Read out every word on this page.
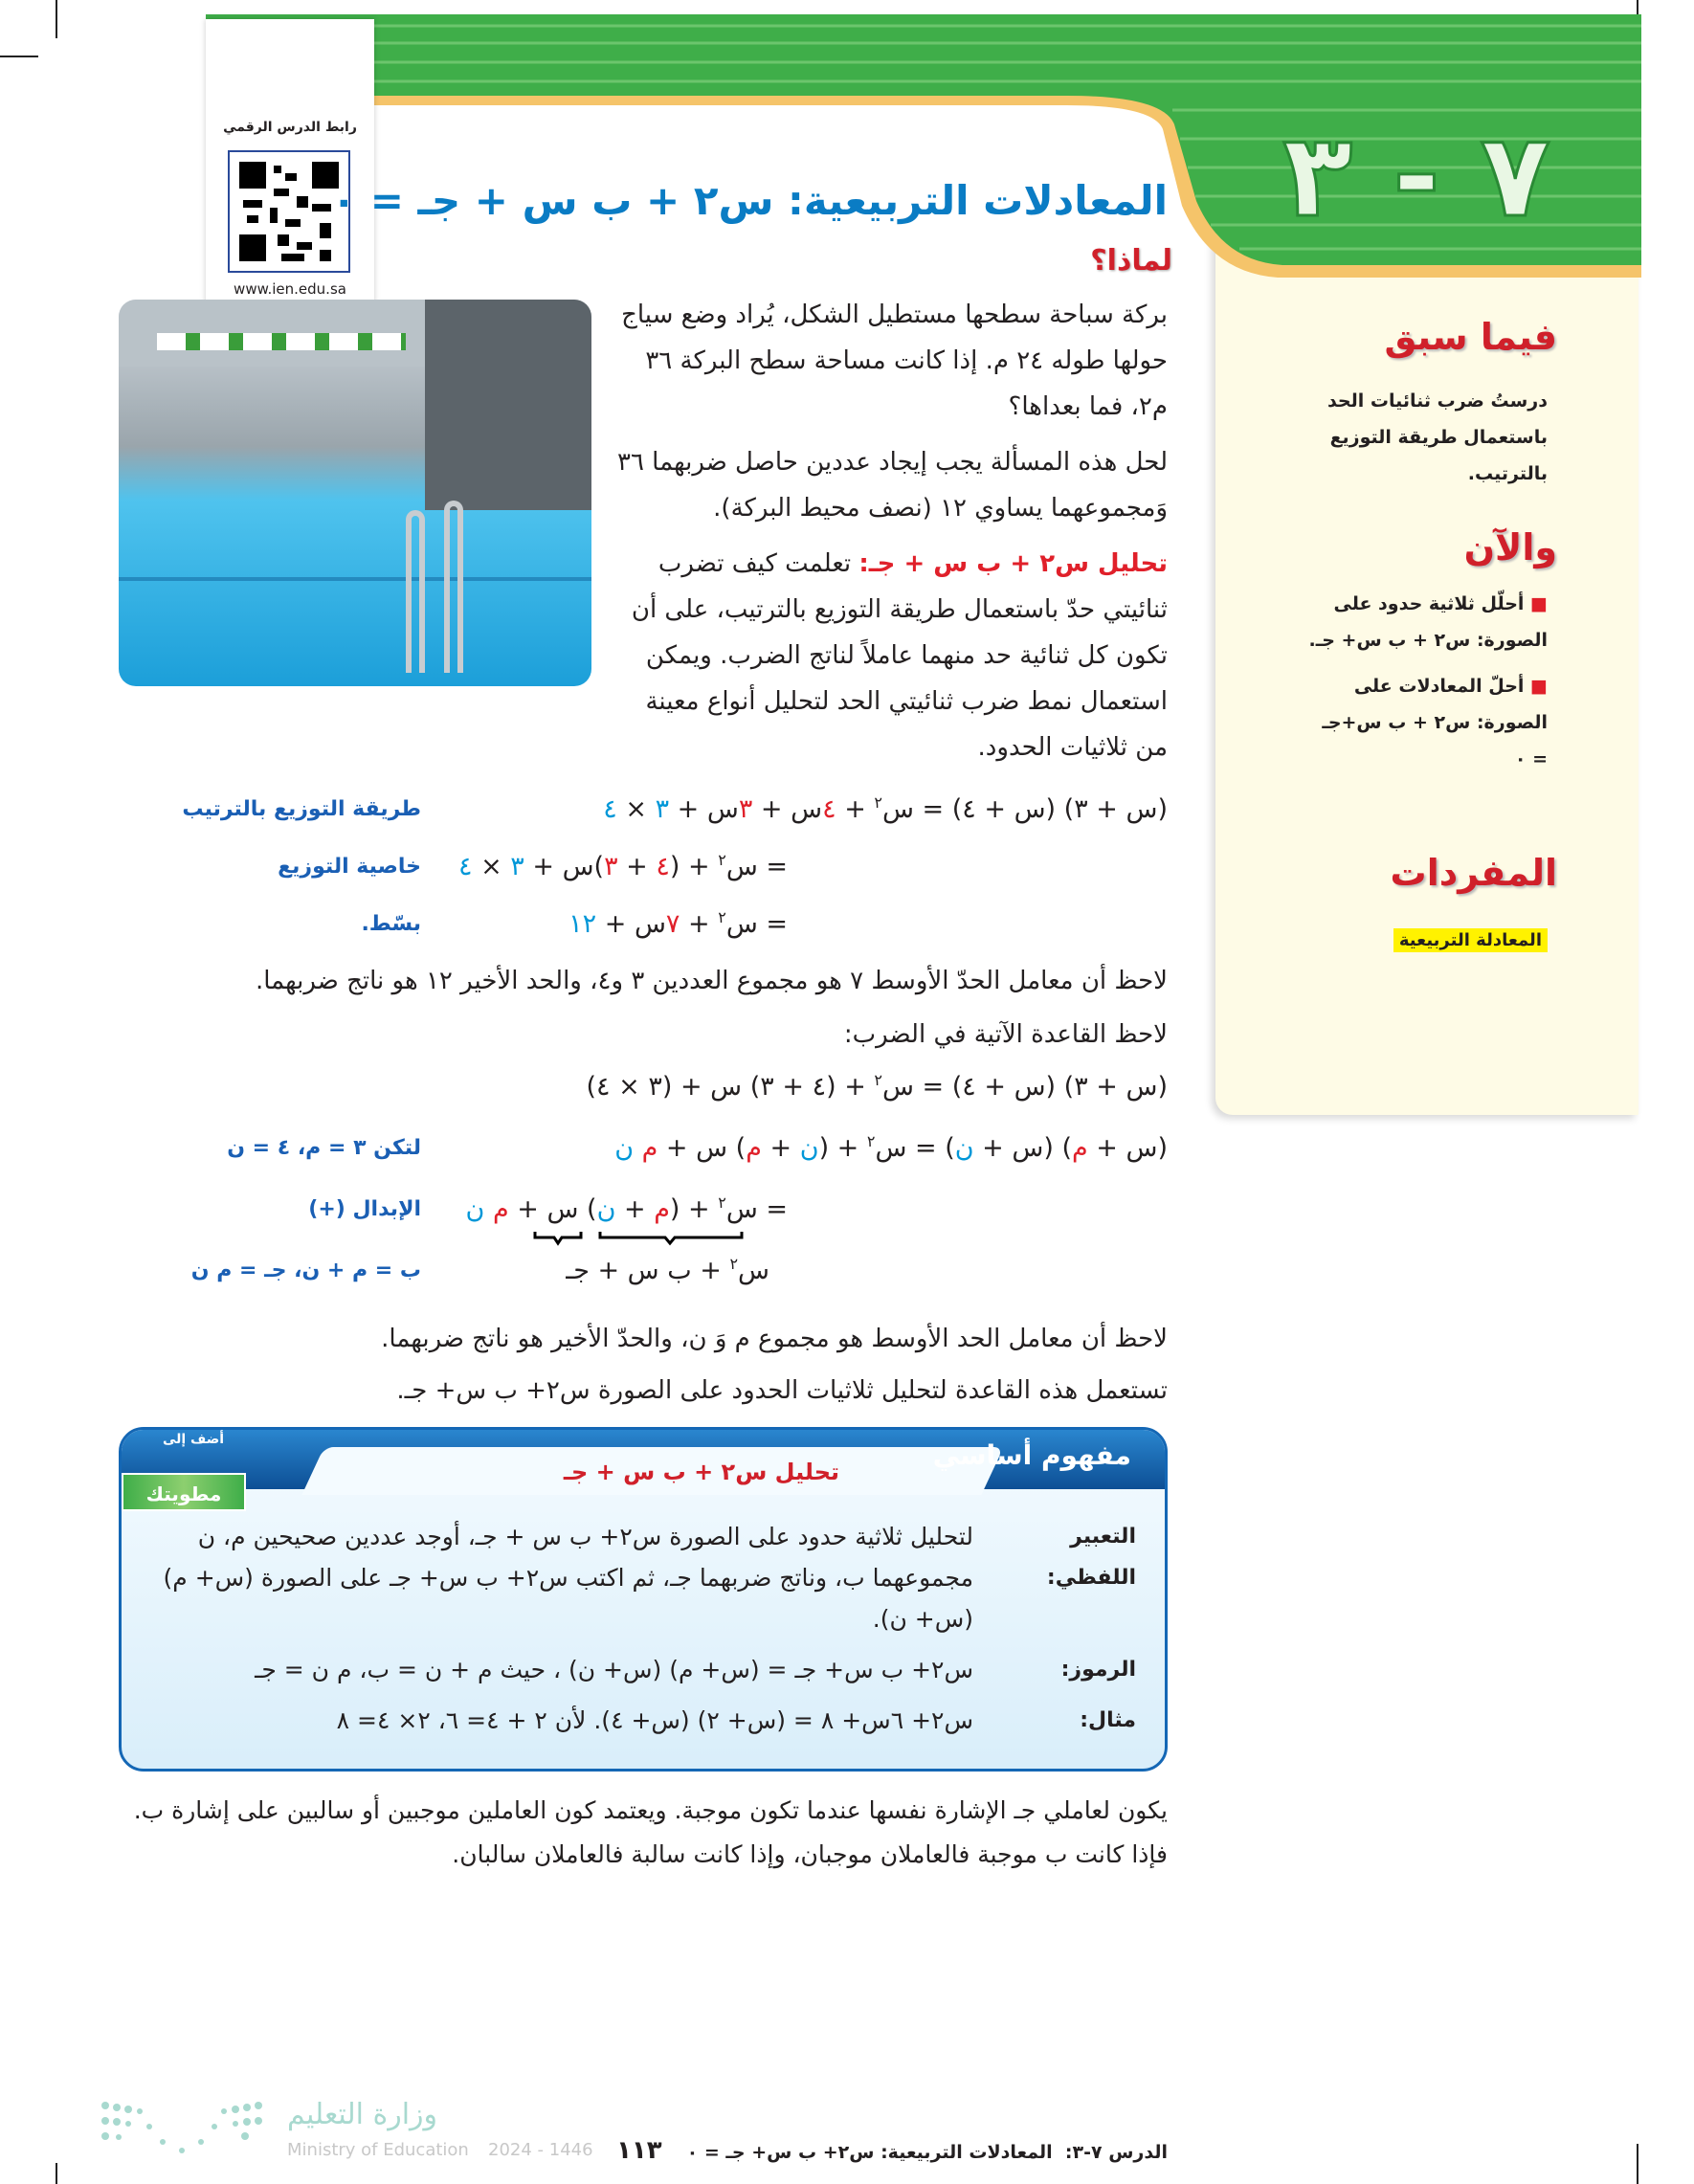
فيما سبق
درستُ ضرب ثنائيات الحد باستعمال طريقة التوزيع بالترتيب.
والآن
■ أحلّل ثلاثية حدود على الصورة: س٢ + ب س+ جـ.
■ أحلّ المعادلات على الصورة: س٢ + ب س+جـ = ٠
المفردات
المعادلة التربيعية
٧ - ٣
رابط الدرس الرقمي
www.ien.edu.sa
المعادلات التربيعية: س٢ + ب س + جـ = ٠
لماذا؟

بركة سباحة سطحها مستطيل الشكل، يُراد وضع سياج حولها طوله ٢٤ م. إذا كانت مساحة سطح البركة ٣٦ م٢، فما بعداها؟

لحل هذه المسألة يجب إيجاد عددين حاصل ضربهما ٣٦ وَمجموعهما يساوي ١٢ (نصف محيط البركة).

تحليل س٢ + ب س + جـ: تعلمت كيف تضرب ثنائيتي حدّ باستعمال طريقة التوزيع بالترتيب، على أن تكون كل ثنائية حد منهما عاملاً لناتج الضرب. ويمكن استعمال نمط ضرب ثنائيتي الحد لتحليل أنواع معينة من ثلاثيات الحدود.

(س + ٣) (س + ٤) = س$^٢$ + ٤س + ٣س + ٣ × ٤
طريقة التوزيع بالترتيب
= س$^٢$ + (٤ + ٣)س + ٣ × ٤
خاصية التوزيع
= س$^٢$ + ٧س + ١٢
بسّط.
لاحظ أن معامل الحدّ الأوسط ٧ هو مجموع العددين ٣ و٤، والحد الأخير ١٢ هو ناتج ضربهما.
لاحظ القاعدة الآتية في الضرب:
(س + ٣) (س + ٤) = س$^٢$ + (٤ + ٣) س + (٣ × ٤)
(س + م) (س + ن) = س$^٢$ + (ن + م) س + م ن
لتكن ٣ = م، ٤ = ن
= س$^٢$ + (م + ن) س + م ن
الإبدال (+)
س$^٢$ + ب س + جـ
ب = م + ن، جـ = م ن
لاحظ أن معامل الحد الأوسط هو مجموع م وَ ن، والحدّ الأخير هو ناتج ضربهما.
تستعمل هذه القاعدة لتحليل ثلاثيات الحدود على الصورة س٢+ ب س+ جـ.
مفهوم أساسي
تحليل س٢ + ب س + جـ
أضف إلى
مطويتك
التعبير اللفظي:
لتحليل ثلاثية حدود على الصورة س٢+ ب س + جـ، أوجد عددين صحيحين م، ن مجموعهما ب، وناتج ضربهما جـ، ثم اكتب س٢+ ب س+ جـ على الصورة (س+ م) (س+ ن).
الرموز:
س٢+ ب س+ جـ = (س+ م) (س+ ن) ، حيث م + ن = ب، م ن = جـ
مثال:
س٢+ ٦س+ ٨ = (س+ ٢) (س+ ٤). لأن ٢ + ٤= ٦، ٢× ٤= ٨
يكون لعاملي جـ الإشارة نفسها عندما تكون موجبة. ويعتمد كون العاملين موجبين أو سالبين على إشارة ب. فإذا كانت ب موجبة فالعاملان موجبان، وإذا كانت سالبة فالعاملان سالبان.
وزارة التعليم
Ministry of Education 2024 - 1446	الدرس ٧-٣:  المعادلات التربيعية: س٢+ ب س+ جـ = ٠
١١٣
